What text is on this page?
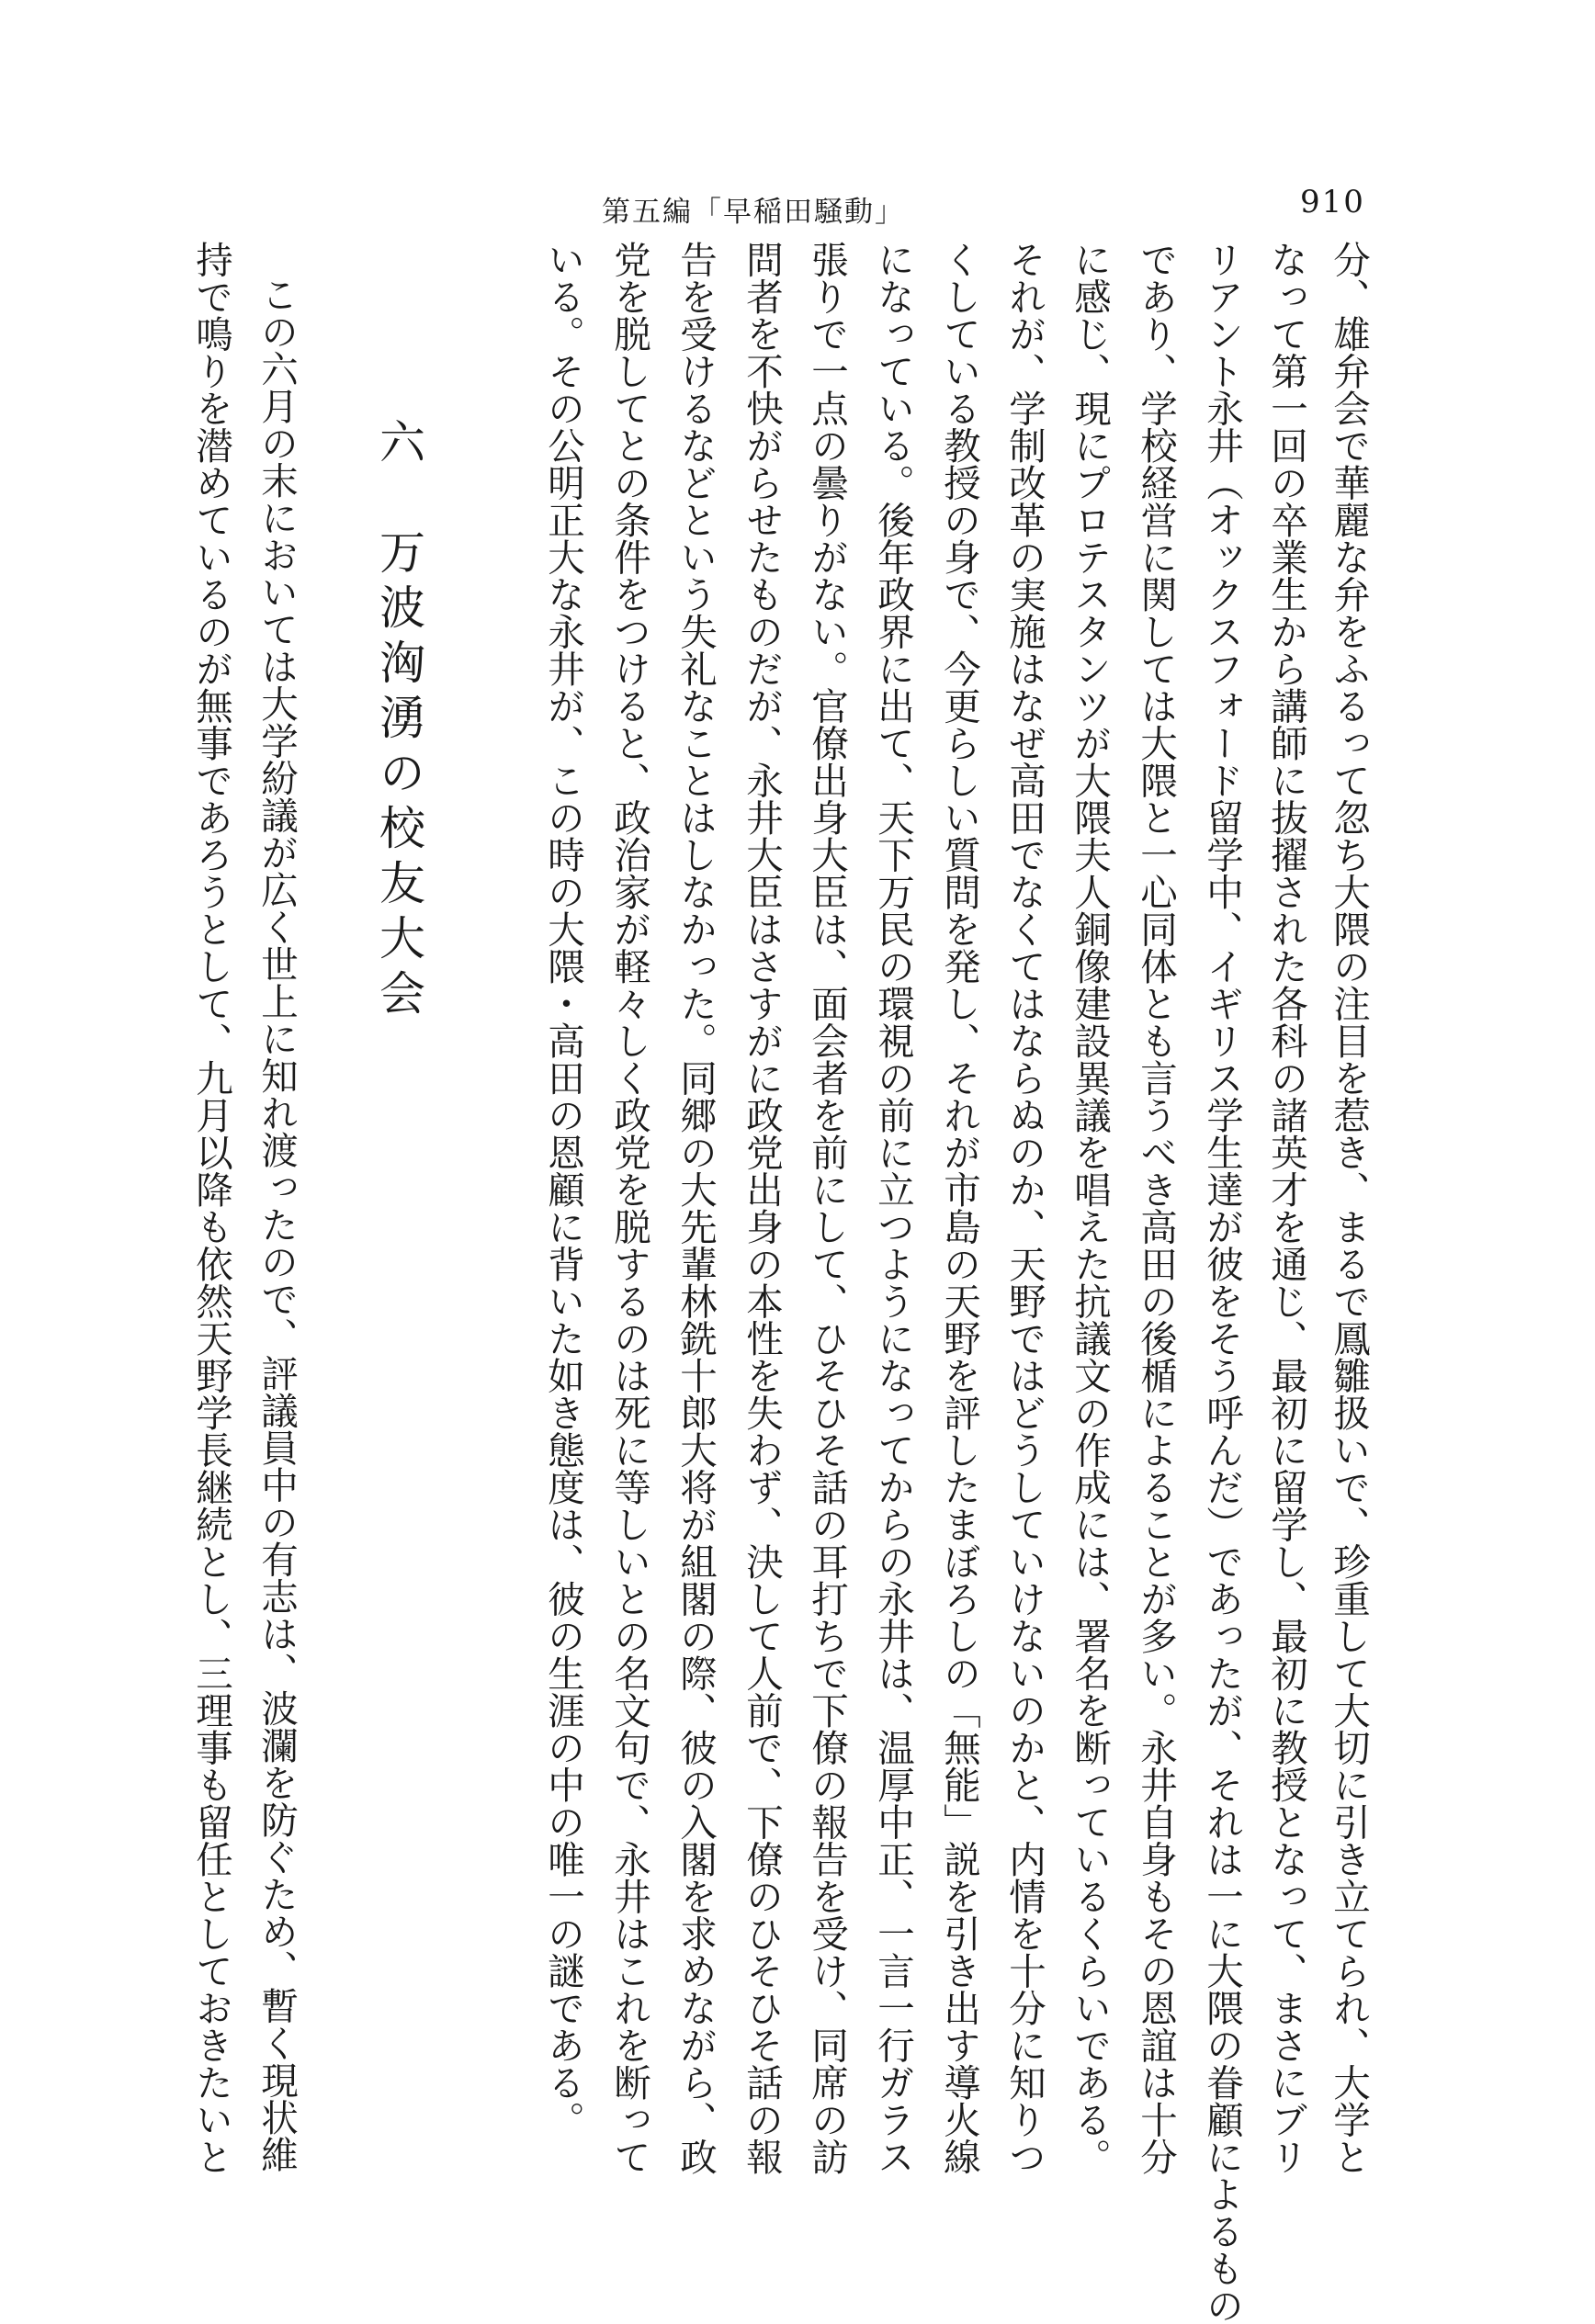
第五編「早稲田騒動」	910
分、雄弁会で華麗な弁をふるって忽ち大隈の注目を惹き、まるで鳳雛扱いで、珍重して大切に引き立てられ、大学と
なって第一回の卒業生から講師に抜擢された各科の諸英才を通じ、最初に留学し、最初に教授となって、まさにブリ
リアント永井（オックスフォード留学中、イギリス学生達が彼をそう呼んだ）であったが、それは一に大隈の眷顧によるもの
であり、学校経営に関しては大隈と一心同体とも言うべき高田の後楯によることが多い。永井自身もその恩誼は十分
に感じ、現にプロテスタンツが大隈夫人銅像建設異議を唱えた抗議文の作成には、署名を断っているくらいである。
それが、学制改革の実施はなぜ高田でなくてはならぬのか、天野ではどうしていけないのかと、内情を十分に知りつ
くしている教授の身で、今更らしい質問を発し、それが市島の天野を評したまぼろしの「無能」説を引き出す導火線
になっている。後年政界に出て、天下万民の環視の前に立つようになってからの永井は、温厚中正、一言一行ガラス
張りで一点の曇りがない。官僚出身大臣は、面会者を前にして、ひそひそ話の耳打ちで下僚の報告を受け、同席の訪
問者を不快がらせたものだが、永井大臣はさすがに政党出身の本性を失わず、決して人前で、下僚のひそひそ話の報
告を受けるなどという失礼なことはしなかった。同郷の大先輩林銑十郎大将が組閣の際、彼の入閣を求めながら、政
党を脱してとの条件をつけると、政治家が軽々しく政党を脱するのは死に等しいとの名文句で、永井はこれを断って
いる。その公明正大な永井が、この時の大隈・高田の恩顧に背いた如き態度は、彼の生涯の中の唯一の謎である。
六　万波洶湧の校友大会
この六月の末においては大学紛議が広く世上に知れ渡ったので、評議員中の有志は、波瀾を防ぐため、暫く現状維
持で鳴りを潜めているのが無事であろうとして、九月以降も依然天野学長継続とし、三理事も留任としておきたいと
